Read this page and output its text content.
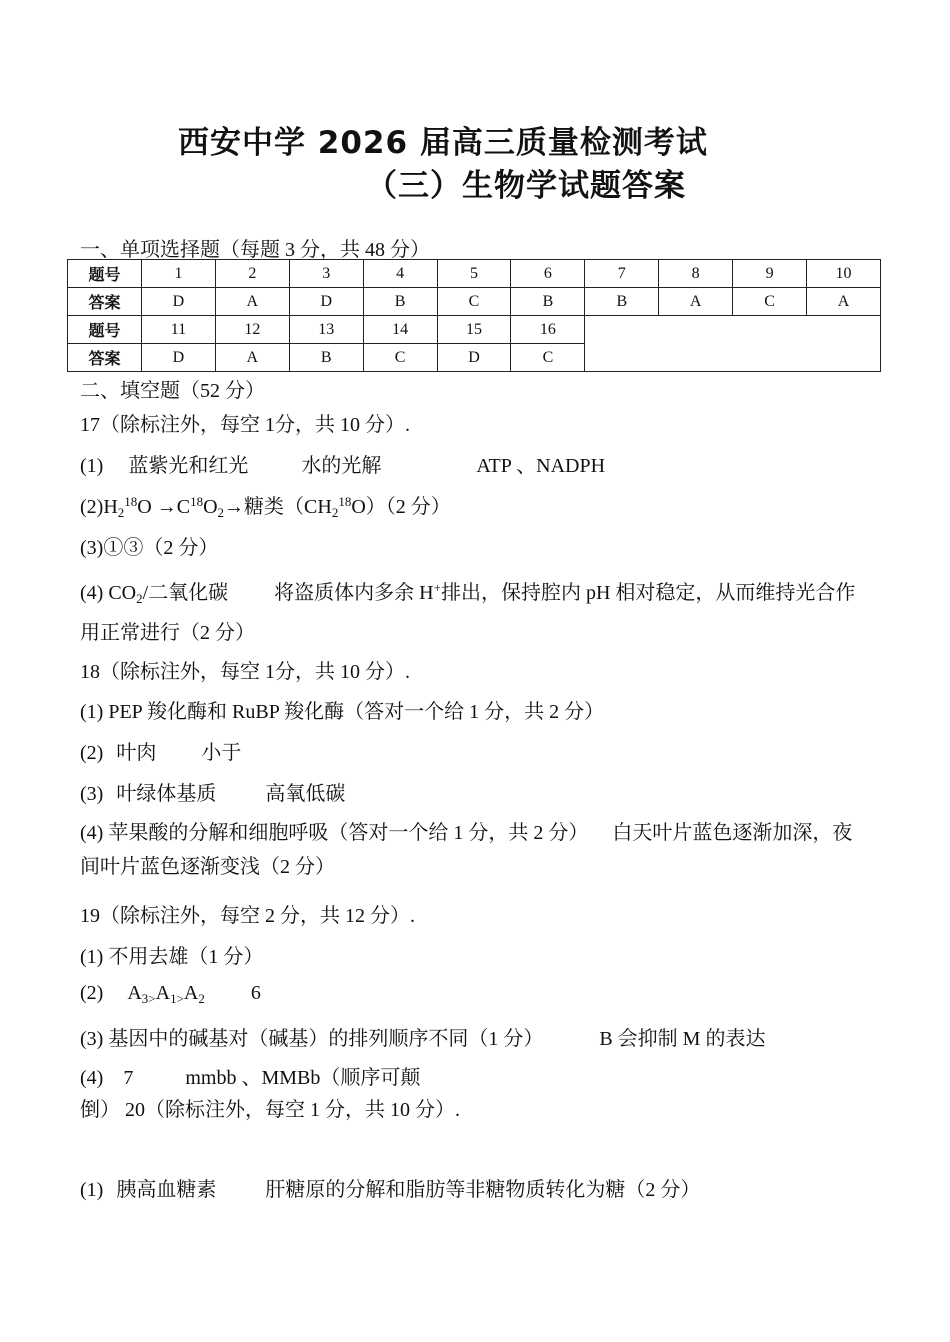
西安中学 2026 届高三质量检测考试
（三）生物学试题答案
一、单项选择题（每题 3 分，共 48 分）
题号	1	2	3	4	5	6	7	8	9	10
答案	D	A	D	B	C	B	B	A	C	A
题号	11	12	13	14	15	16				
答案	D	A	B	C	D	C				
二、填空题（52 分）
17（除标注外，每空 1分，共 10 分）.
(1) 蓝紫光和红光	水的光解	ATP 、NADPH
$(2)H_2^{18}O \to C^{18}O_2\to$糖类$(CH_2^{18}O)(2$ 分）
(3)①③（2 分）
(4) $CO_2/$二氧化碳 将盗质体内多余 H+排出，保持腔内 pH 相对稳定，从而维持光合作用正常进行（2 分）
18（除标注外，每空 1分，共 10 分）.
(1) PEP 羧化酶和 RuBP 羧化酶（答对一个给 1 分，共 2 分）
(2) 叶肉 小于
(3) 叶绿体基质 高氧低碳
(4) 苹果酸的分解和细胞呼吸（答对一个给 1 分，共 2 分） 白天叶片蓝色逐渐加深，夜间叶片蓝色逐渐变浅（2 分）
19（除标注外，每空 2 分，共 12 分）.
(1) 不用去雄（1 分）
(2) $A_{3>}A_{1>}A_2$ 6
(3) 基因中的碱基对（碱基）的排列顺序不同（1 分）	B 会抑制 M 的表达
(4) 7	mmbb 、MMBb（顺序可颠倒） 20（除标注外，每空 1 分，共 10 分）.
(1) 胰高血糖素 肝糖原的分解和脂肪等非糖物质转化为糖（2 分）
